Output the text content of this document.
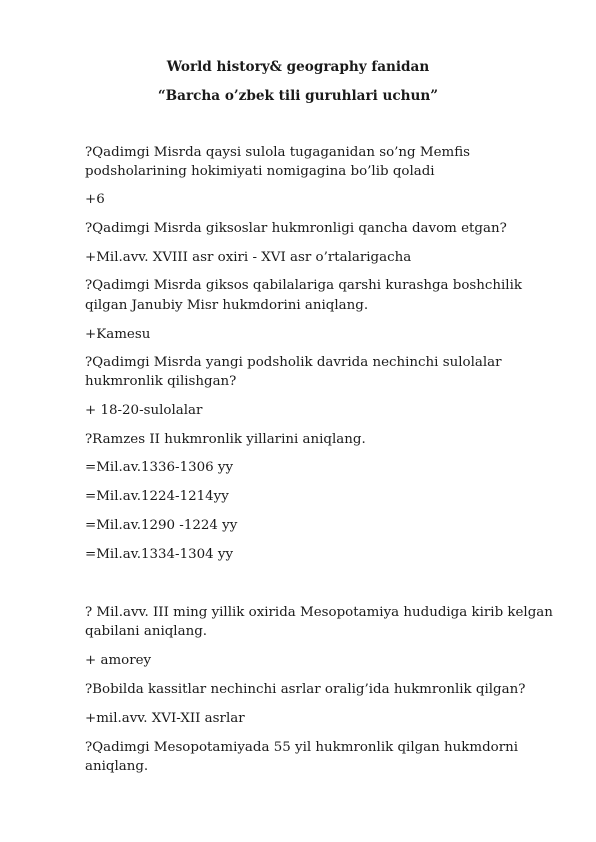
World history& geography fanidan
“Barcha o’zbek tili guruhlari uchun”
?Qadimgi Misrda qaysi sulola tugaganidan so’ng Memfis
podsholarining hokimiyati nomigagina bo’lib qoladi
+6
?Qadimgi Misrda giksoslar hukmronligi qancha davom etgan?
+Mil.avv. XVIII asr oxiri - XVI asr o’rtalarigacha
?Qadimgi Misrda giksos qabilalariga qarshi kurashga boshchilik
qilgan Janubiy Misr hukmdorini aniqlang.
+Kamesu
?Qadimgi Misrda yangi podsholik davrida nechinchi sulolalar
hukmronlik qilishgan?
+ 18-20-sulolalar
?Ramzes II hukmronlik yillarini aniqlang.
=Mil.av.1336-1306 yy
=Mil.av.1224-1214yy
=Mil.av.1290 -1224 yy
=Mil.av.1334-1304 yy
? Mil.avv. III ming yillik oxirida Mesopotamiya hududiga kirib kelgan
qabilani aniqlang.
+ amorey
?Bobilda kassitlar nechinchi asrlar oralig’ida hukmronlik qilgan?
+mil.avv. XVI-XII asrlar
?Qadimgi Mesopotamiyada 55 yil hukmronlik qilgan hukmdorni
aniqlang.
